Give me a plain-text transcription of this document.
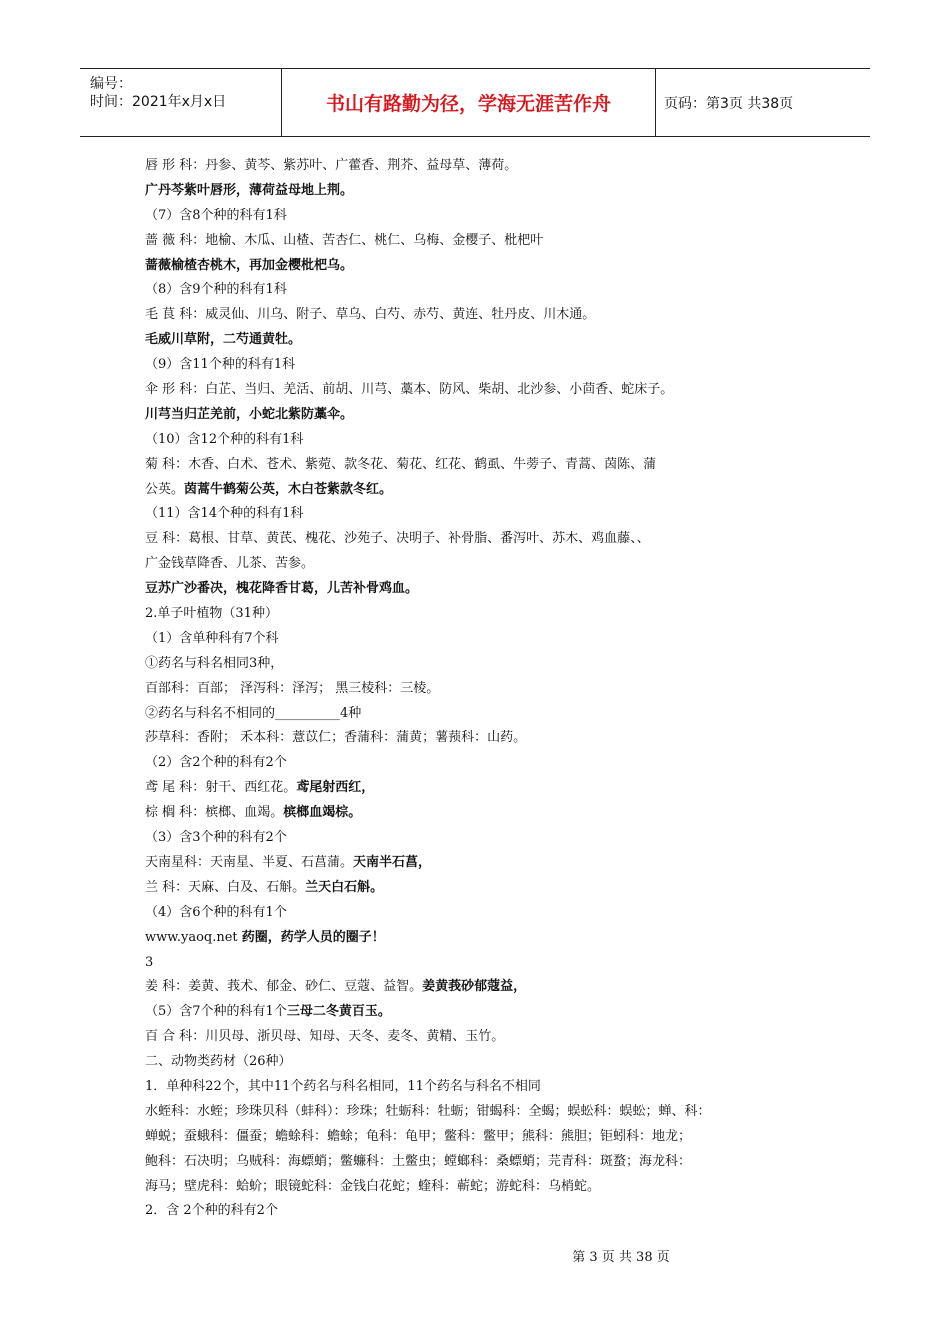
编号：
时间：2021年x月x日	书山有路勤为径，学海无涯苦作舟	页码：第3页 共38页
唇 形 科：丹参、黄芩、紫苏叶、广藿香、荆芥、益母草、薄荷。
广丹芩紫叶唇形，薄荷益母地上荆。
（7）含8个种的科有1科
蔷 薇 科：地榆、木瓜、山楂、苦杏仁、桃仁、乌梅、金樱子、枇杷叶
蔷薇榆楂杏桃木，再加金樱枇杷乌。
（8）含9个种的科有1科
毛 茛 科：威灵仙、川乌、附子、草乌、白芍、赤芍、黄连、牡丹皮、川木通。
毛威川草附，二芍通黄牡。
（9）含11个种的科有1科
伞 形 科：白芷、当归、羌活、前胡、川芎、藁本、防风、柴胡、北沙参、小茴香、蛇床子。
川芎当归芷羌前，小蛇北紫防藁伞。
（10）含12个种的科有1科
菊 科：木香、白术、苍术、紫菀、款冬花、菊花、红花、鹤虱、牛蒡子、青蒿、茵陈、蒲
公英。茵蒿牛鹤菊公英，木白苍紫款冬红。
（11）含14个种的科有1科
豆 科：葛根、甘草、黄芪、槐花、沙苑子、决明子、补骨脂、番泻叶、苏木、鸡血藤、、
广金钱草降香、儿茶、苦参。
豆苏广沙番决，槐花降香甘葛，儿苦补骨鸡血。
2.单子叶植物（31种）
（1）含单种科有7个科
①药名与科名相同3种，
百部科：百部； 泽泻科：泽泻； 黑三棱科：三棱。
②药名与科名不相同的__________4种
莎草科：香附； 禾本科：薏苡仁；香蒲科：蒲黄；薯蓣科：山药。
（2）含2个种的科有2个
鸢 尾 科：射干、西红花。鸢尾射西红，
棕 榈 科：槟榔、血竭。槟榔血竭棕。
（3）含3个种的科有2个
天南星科：天南星、半夏、石菖蒲。天南半石菖，
兰 科：天麻、白及、石斛。兰天白石斛。
（4）含6个种的科有1个
www.yaoq.net 药圈，药学人员的圈子！
3
姜 科：姜黄、莪术、郁金、砂仁、豆蔻、益智。姜黄莪砂郁蔻益，
（5）含7个种的科有1个三母二冬黄百玉。
百 合 科：川贝母、浙贝母、知母、天冬、麦冬、黄精、玉竹。
二、动物类药材（26种）
1．单种科22个，其中11个药名与科名相同，11个药名与科名不相同
水蛭科：水蛭；珍珠贝科（蚌科）：珍珠；牡蛎科：牡蛎；钳蝎科：全蝎；蜈蚣科：蜈蚣；蝉、科：
蝉蜕；蚕蛾科：僵蚕；蟾蜍科：蟾蜍；龟科：龟甲；鳖科：鳖甲；熊科：熊胆；钜蚓科：地龙；
鲍科：石决明；乌贼科：海螵蛸；鳖蠊科：土鳖虫；螳螂科：桑螵蛸；芫青科：斑蝥；海龙科：
海马；壁虎科：蛤蚧；眼镜蛇科：金钱白花蛇；蝰科：蕲蛇；游蛇科：乌梢蛇。
2．含 2个种的科有2个
第 3 页 共 38 页
